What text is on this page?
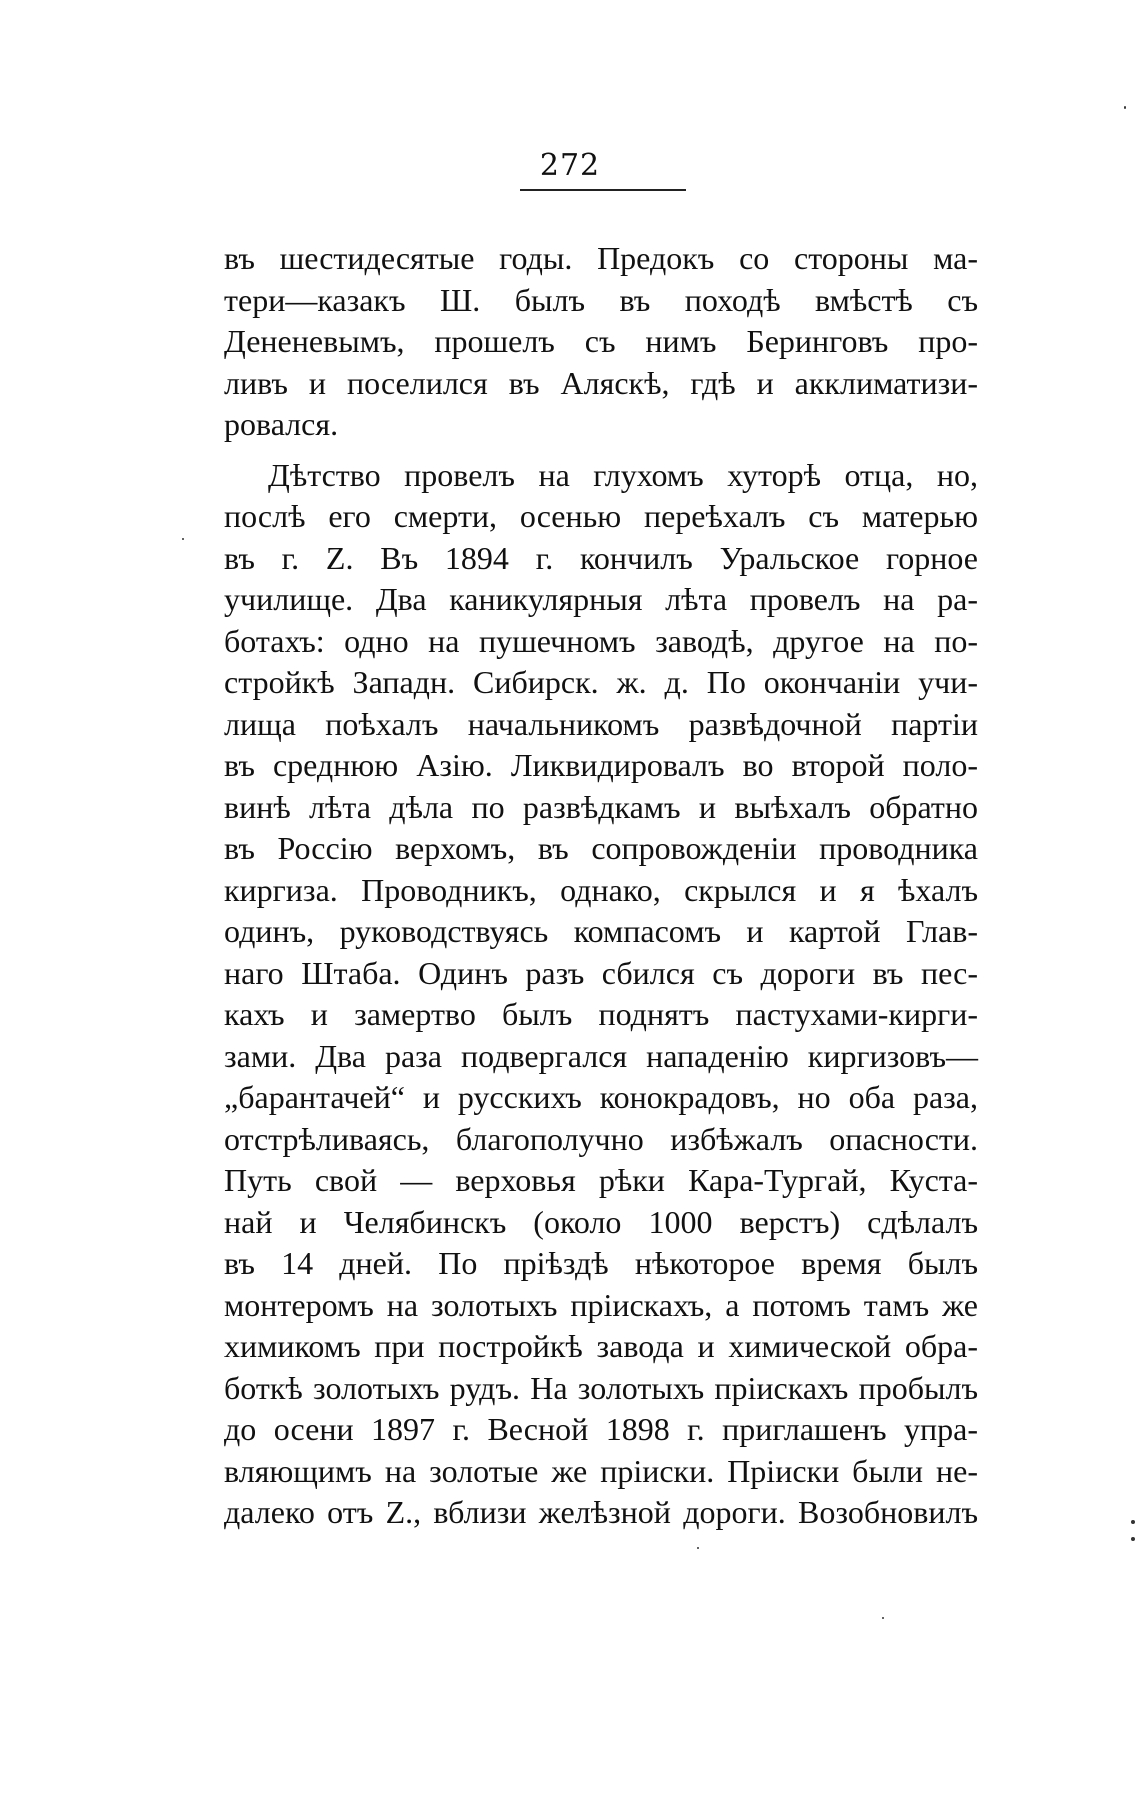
272
въ шестидесятые годы. Предокъ со стороны ма-
тери—казакъ Ш. былъ въ походѣ вмѣстѣ съ
Дененевымъ, прошелъ съ нимъ Беринговъ про-
ливъ и поселился въ Аляскѣ, гдѣ и акклиматизи-
ровался.
Дѣтство провелъ на глухомъ хуторѣ отца, но,
послѣ его смерти, осенью переѣхалъ съ матерью
въ г. Z. Въ 1894 г. кончилъ Уральское горное
училище. Два каникулярныя лѣта провелъ на ра-
ботахъ: одно на пушечномъ заводѣ, другое на по-
стройкѣ Западн. Сибирск. ж. д. По окончаніи учи-
лища поѣхалъ начальникомъ развѣдочной партіи
въ среднюю Азію. Ликвидировалъ во второй поло-
винѣ лѣта дѣла по развѣдкамъ и выѣхалъ обратно
въ Россію верхомъ, въ сопровожденіи проводника
киргиза. Проводникъ, однако, скрылся и я ѣхалъ
одинъ, руководствуясь компасомъ и картой Глав-
наго Штаба. Одинъ разъ сбился съ дороги въ пес-
кахъ и замертво былъ поднятъ пастухами-кирги-
зами. Два раза подвергался нападенію киргизовъ—
„барантачей“ и русскихъ конокрадовъ, но оба раза,
отстрѣливаясь, благополучно избѣжалъ опасности.
Путь свой — верховья рѣки Кара-Тургай, Куста-
най и Челябинскъ (около 1000 верстъ) сдѣлалъ
въ 14 дней. По пріѣздѣ нѣкоторое время былъ
монтеромъ на золотыхъ пріискахъ, а потомъ тамъ же
химикомъ при постройкѣ завода и химической обра-
боткѣ золотыхъ рудъ. На золотыхъ пріискахъ пробылъ
до осени 1897 г. Весной 1898 г. приглашенъ упра-
вляющимъ на золотые же пріиски. Пріиски были не-
далеко отъ Z., вблизи желѣзной дороги. Возобновилъ
